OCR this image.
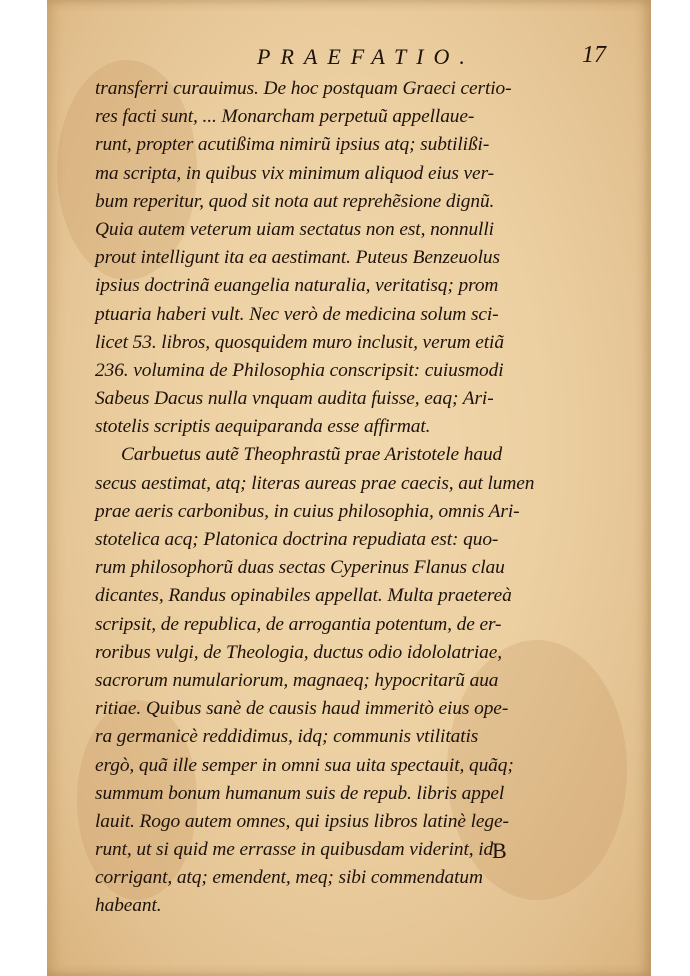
PRAEFATIO.	17
transferri curauimus. De hoc postquam Graeci certio-
res facti sunt, ... Monarcham perpetuũ appellaue-
runt, propter acutißima nimirũ ipsius atq; subtilißi-
ma scripta, in quibus vix minimum aliquod eius ver-
bum reperitur, quod sit nota aut reprehẽsione dignũ.
Quia autem veterum uiam sectatus non est, nonnulli
prout intelligunt ita ea aestimant. Puteus Benzeuolus
ipsius doctrinã euangelia naturalia, veritatisq; prom
ptuaria haberi vult. Nec verò de medicina solum sci-
licet 53. libros, quosquidem muro inclusit, verum etiã
236. volumina de Philosophia conscripsit: cuiusmodi
Sabeus Dacus nulla vnquam audita fuisse, eaq; Ari-
stotelis scriptis aequiparanda esse affirmat.
Carbuetus autẽ Theophrastũ prae Aristotele haud
secus aestimat, atq; literas aureas prae caecis, aut lumen
prae aeris carbonibus, in cuius philosophia, omnis Ari-
stotelica acq; Platonica doctrina repudiata est: quo-
rum philosophorũ duas sectas Cyperinus Flanus clau
dicantes, Randus opinabiles appellat. Multa praetereà
scripsit, de republica, de arrogantia potentum, de er-
roribus vulgi, de Theologia, ductus odio idololatriae,
sacrorum numulariorum, magnaeq; hypocritarũ aua
ritiae. Quibus sanè de causis haud immeritò eius ope-
ra germanicè reddidimus, idq; communis vtilitatis
ergò, quã ille semper in omni sua uita spectauit, quãq;
summum bonum humanum suis de repub. libris appel
lauit. Rogo autem omnes, qui ipsius libros latinè lege-
runt, ut si quid me errasse in quibusdam viderint, id
corrigant, atq; emendent, meq; sibi commendatum
habeant.
B
